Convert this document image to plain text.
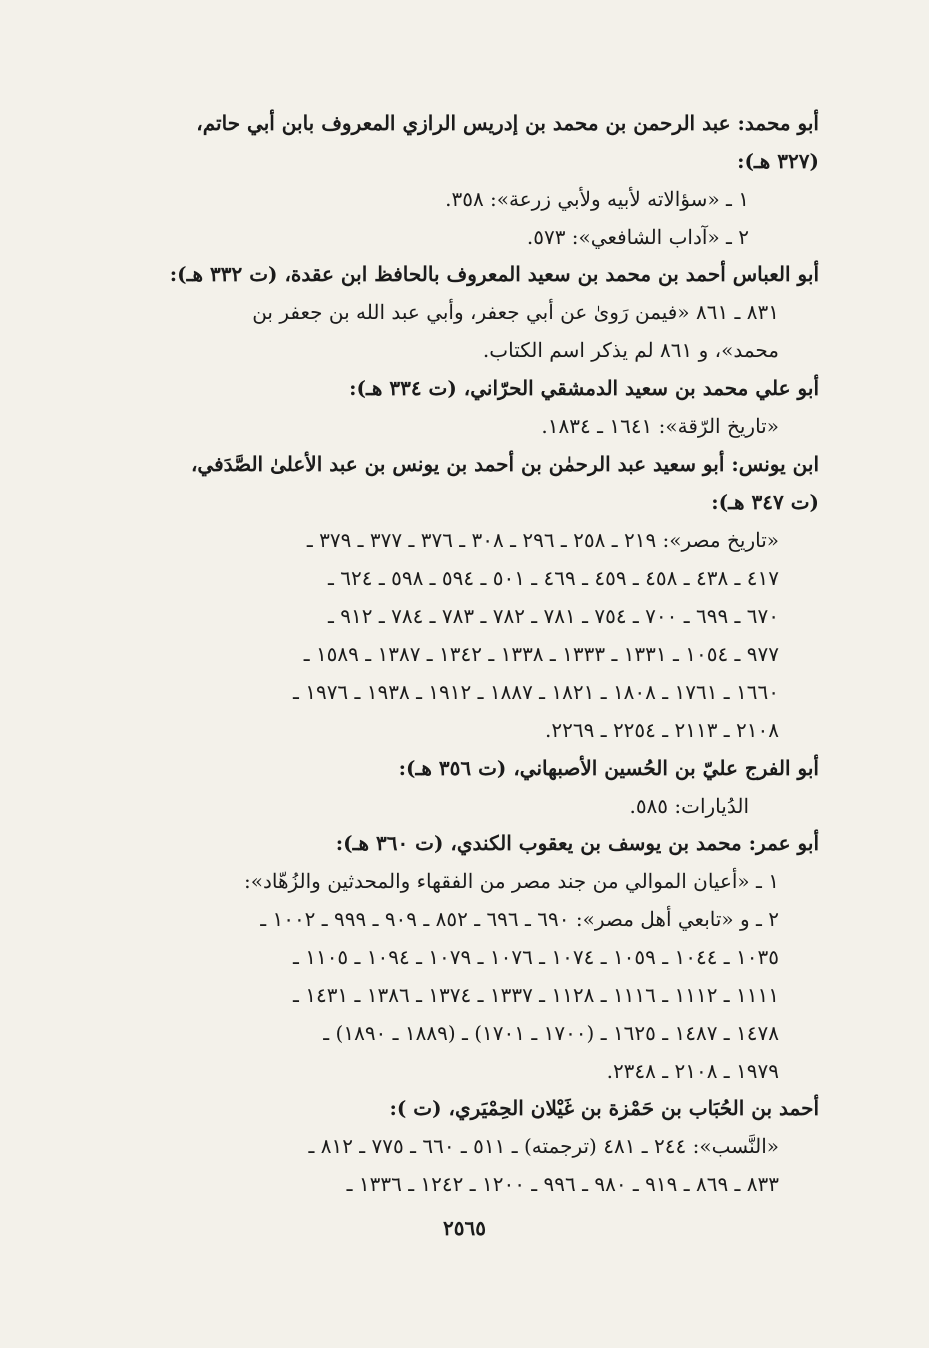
أبو محمد: عبد الرحمن بن محمد بن إدريس الرازي المعروف بابن أبي حاتم،
(٣٢٧ هـ):
١ ـ «سؤالاته لأبيه ولأبي زرعة»: ٣٥٨.
٢ ـ «آداب الشافعي»: ٥٧٣.
أبو العباس أحمد بن محمد بن سعيد المعروف بالحافظ ابن عقدة، (ت ٣٣٢ هـ):
٨٣١ ـ ٨٦١ «فيمن رَوىٰ عن أبي جعفر، وأبي عبد الله بن جعفر بن
محمد»، و ٨٦١ لم يذكر اسم الكتاب.
أبو علي محمد بن سعيد الدمشقي الحرّاني، (ت ٣٣٤ هـ):
«تاريخ الرّقة»: ١٦٤١ ـ ١٨٣٤.
ابن يونس: أبو سعيد عبد الرحمٰن بن أحمد بن يونس بن عبد الأعلىٰ الصَّدَفي،
(ت ٣٤٧ هـ):
«تاريخ مصر»: ٢١٩ ـ ٢٥٨ ـ ٢٩٦ ـ ٣٠٨ ـ ٣٧٦ ـ ٣٧٧ ـ ٣٧٩ ـ
٤١٧ ـ ٤٣٨ ـ ٤٥٨ ـ ٤٥٩ ـ ٤٦٩ ـ ٥٠١ ـ ٥٩٤ ـ ٥٩٨ ـ ٦٢٤ ـ
٦٧٠ ـ ٦٩٩ ـ ٧٠٠ ـ ٧٥٤ ـ ٧٨١ ـ ٧٨٢ ـ ٧٨٣ ـ ٧٨٤ ـ ٩١٢ ـ
٩٧٧ ـ ١٠٥٤ ـ ١٣٣١ ـ ١٣٣٣ ـ ١٣٣٨ ـ ١٣٤٢ ـ ١٣٨٧ ـ ١٥٨٩ ـ
١٦٦٠ ـ ١٧٦١ ـ ١٨٠٨ ـ ١٨٢١ ـ ١٨٨٧ ـ ١٩١٢ ـ ١٩٣٨ ـ ١٩٧٦ ـ
٢١٠٨ ـ ٢١١٣ ـ ٢٢٥٤ ـ ٢٢٦٩.
أبو الفرج عليّ بن الحُسين الأصبهاني، (ت ٣٥٦ هـ):
الدُيارات: ٥٨٥.
أبو عمر: محمد بن يوسف بن يعقوب الكندي، (ت ٣٦٠ هـ):
١ ـ «أعيان الموالي من جند مصر من الفقهاء والمحدثين والزُهّاد»:
٢ ـ و «تابعي أهل مصر»: ٦٩٠ ـ ٦٩٦ ـ ٨٥٢ ـ ٩٠٩ ـ ٩٩٩ ـ ١٠٠٢ ـ
١٠٣٥ ـ ١٠٤٤ ـ ١٠٥٩ ـ ١٠٧٤ ـ ١٠٧٦ ـ ١٠٧٩ ـ ١٠٩٤ ـ ١١٠٥ ـ
١١١١ ـ ١١١٢ ـ ١١١٦ ـ ١١٢٨ ـ ١٣٣٧ ـ ١٣٧٤ ـ ١٣٨٦ ـ ١٤٣١ ـ
١٤٧٨ ـ ١٤٨٧ ـ ١٦٢٥ ـ (١٧٠٠ ـ ١٧٠١) ـ (١٨٨٩ ـ ١٨٩٠) ـ
١٩٧٩ ـ ٢١٠٨ ـ ٢٣٤٨.
أحمد بن الحُبَاب بن حَمْزة بن غَيْلان الحِمْيَري، (ت ):
«النَّسب»: ٢٤٤ ـ ٤٨١ (ترجمته) ـ ٥١١ ـ ٦٦٠ ـ ٧٧٥ ـ ٨١٢ ـ
٨٣٣ ـ ٨٦٩ ـ ٩١٩ ـ ٩٨٠ ـ ٩٩٦ ـ ١٢٠٠ ـ ١٢٤٢ ـ ١٣٣٦ ـ
٢٥٦٥
